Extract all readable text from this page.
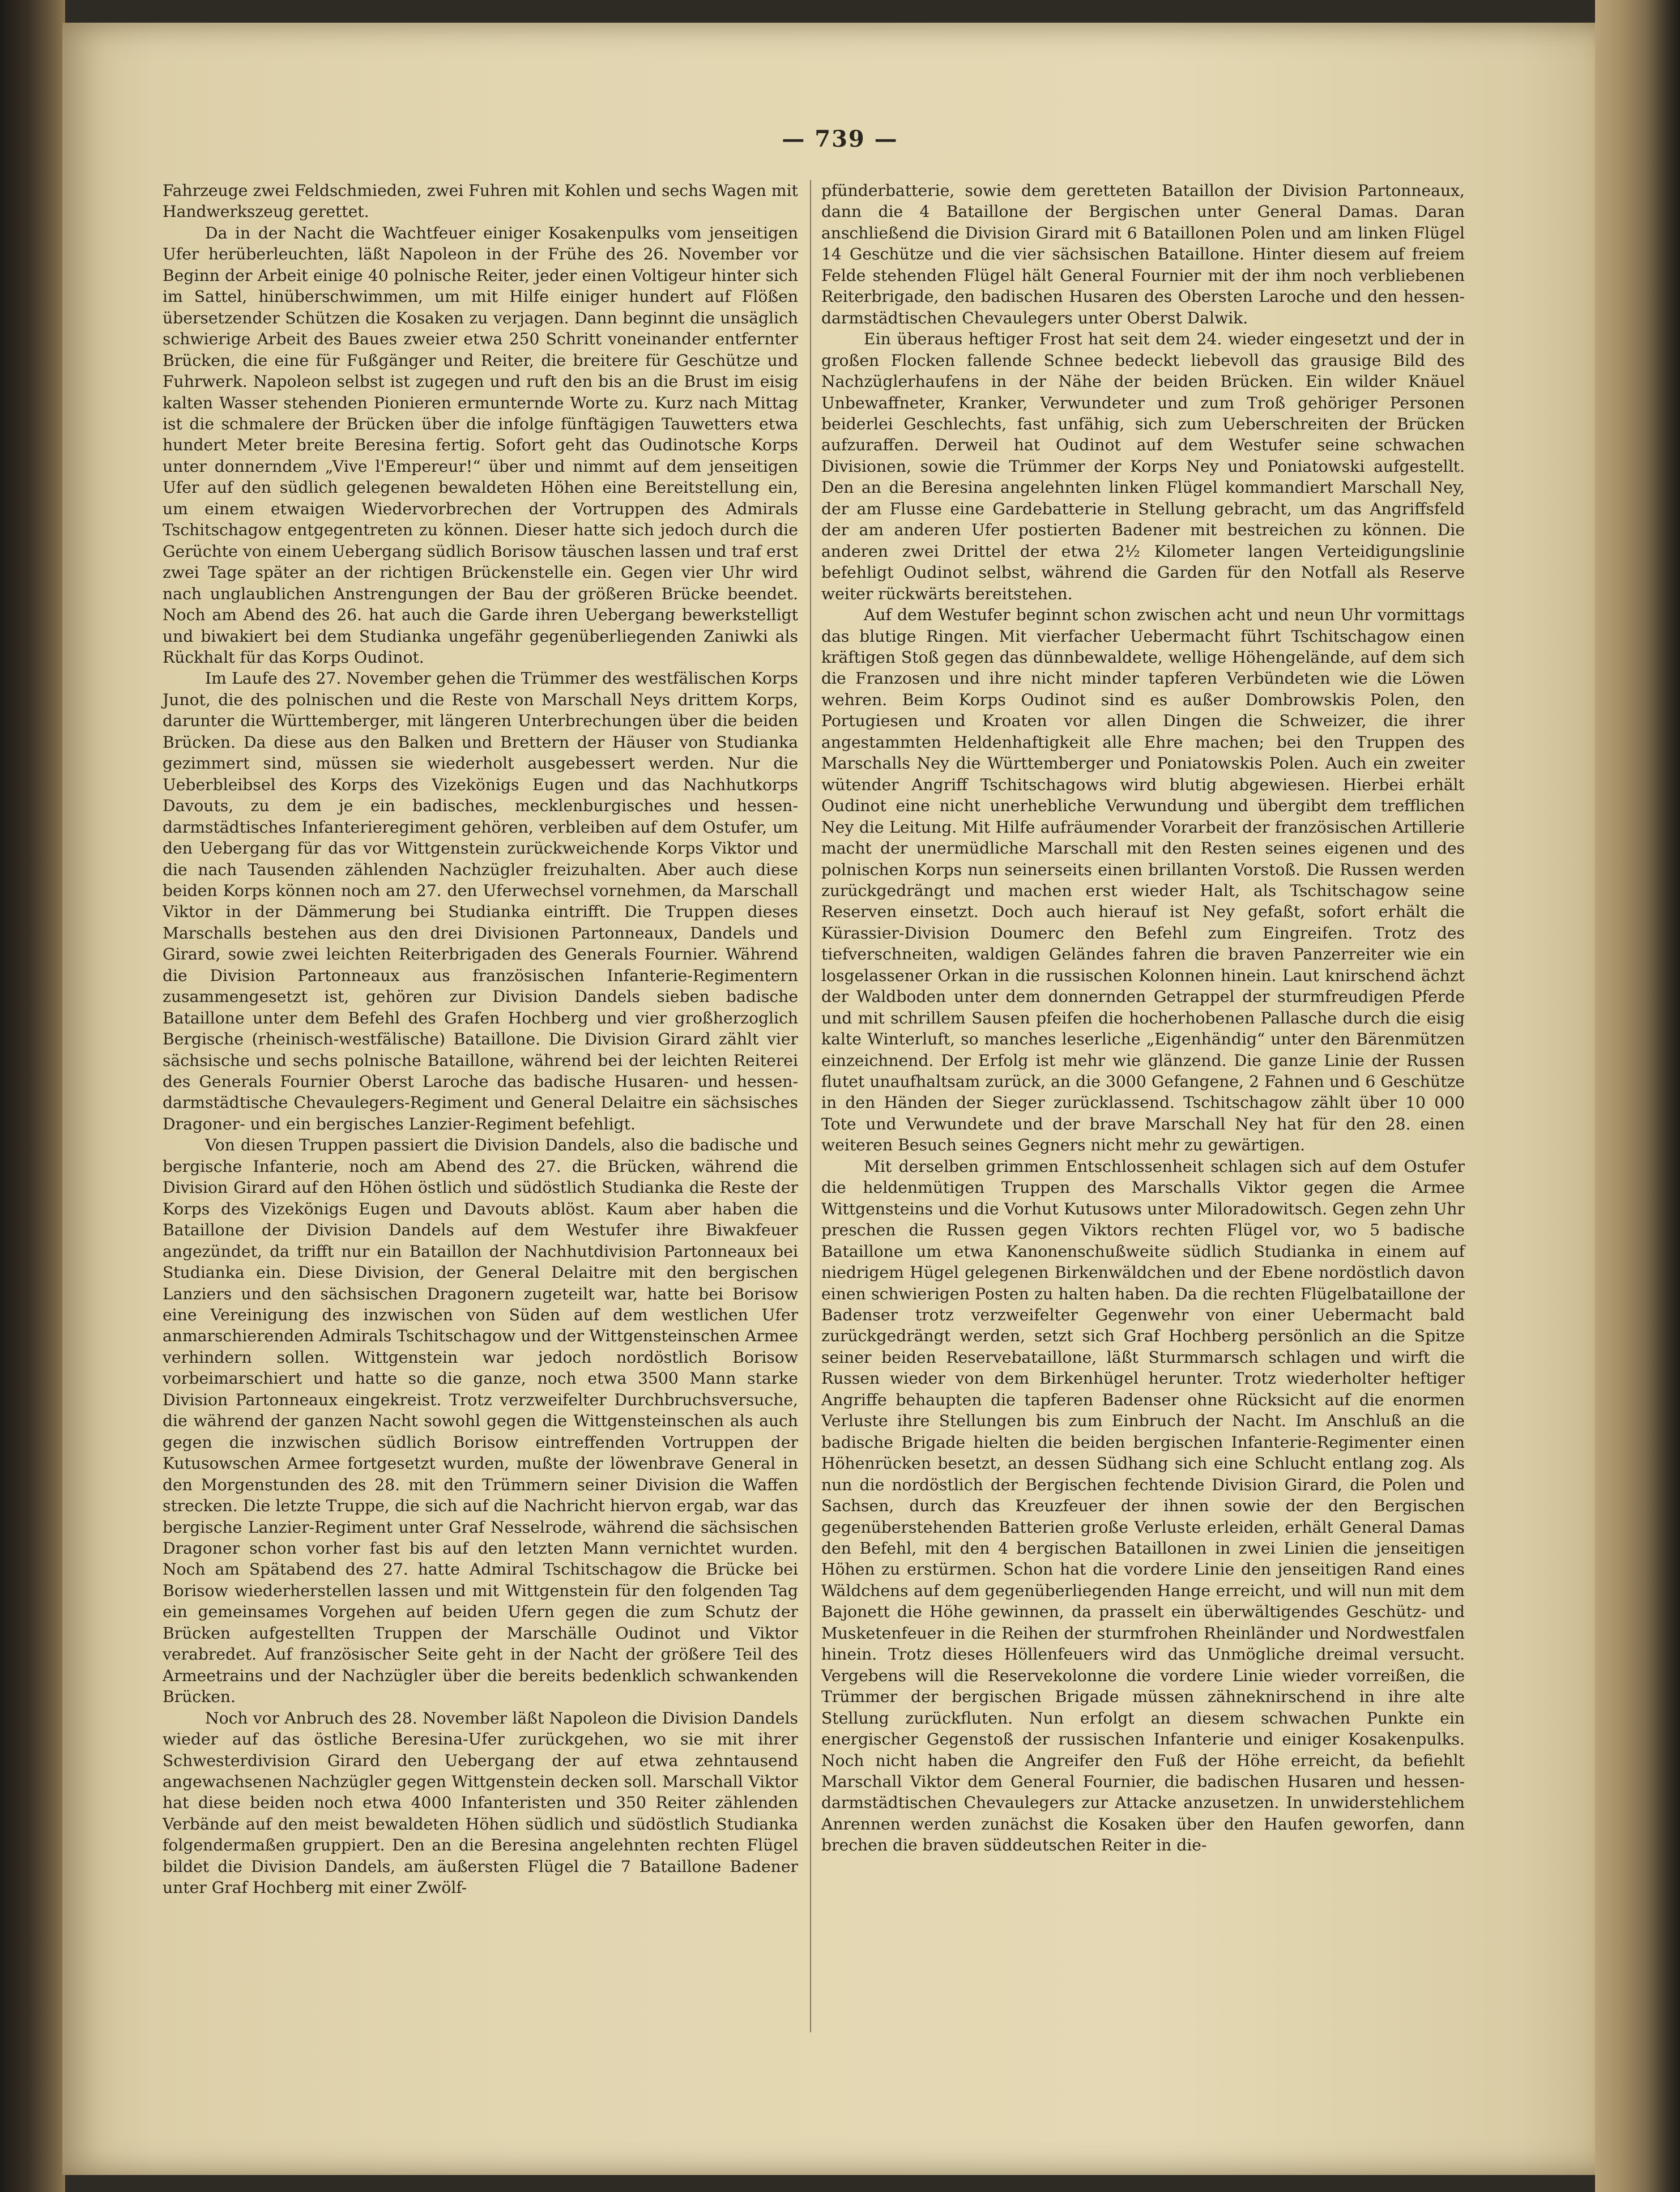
— 739 —

Fahrzeuge zwei Feldschmieden, zwei Fuhren mit Kohlen und sechs Wagen mit Handwerkszeug gerettet.

Da in der Nacht die Wachtfeuer einiger Kosakenpulks vom jenseitigen Ufer herüberleuchten, läßt Napoleon in der Frühe des 26. November vor Beginn der Arbeit einige 40 polnische Reiter, jeder einen Voltigeur hinter sich im Sattel, hinüberschwimmen, um mit Hilfe einiger hundert auf Flößen übersetzender Schützen die Kosaken zu verjagen. Dann beginnt die unsäglich schwierige Arbeit des Baues zweier etwa 250 Schritt voneinander entfernter Brücken, die eine für Fußgänger und Reiter, die breitere für Geschütze und Fuhrwerk. Napoleon selbst ist zugegen und ruft den bis an die Brust im eisig kalten Wasser stehenden Pionieren ermunternde Worte zu. Kurz nach Mittag ist die schmalere der Brücken über die infolge fünftägigen Tauwetters etwa hundert Meter breite Beresina fertig. Sofort geht das Oudinotsche Korps unter donnerndem „Vive l'Empereur!“ über und nimmt auf dem jenseitigen Ufer auf den südlich gelegenen bewaldeten Höhen eine Bereitstellung ein, um einem etwaigen Wiedervorbrechen der Vortruppen des Admirals Tschitschagow entgegentreten zu können. Dieser hatte sich jedoch durch die Gerüchte von einem Uebergang südlich Borisow täuschen lassen und traf erst zwei Tage später an der richtigen Brückenstelle ein. Gegen vier Uhr wird nach unglaublichen Anstrengungen der Bau der größeren Brücke beendet. Noch am Abend des 26. hat auch die Garde ihren Uebergang bewerkstelligt und biwakiert bei dem Studianka ungefähr gegenüberliegenden Zaniwki als Rückhalt für das Korps Oudinot.

Im Laufe des 27. November gehen die Trümmer des westfälischen Korps Junot, die des polnischen und die Reste von Marschall Neys drittem Korps, darunter die Württemberger, mit längeren Unterbrechungen über die beiden Brücken. Da diese aus den Balken und Brettern der Häuser von Studianka gezimmert sind, müssen sie wiederholt ausgebessert werden. Nur die Ueberbleibsel des Korps des Vizekönigs Eugen und das Nachhutkorps Davouts, zu dem je ein badisches, mecklenburgisches und hessen-darmstädtisches Infanterieregiment gehören, verbleiben auf dem Ostufer, um den Uebergang für das vor Wittgenstein zurückweichende Korps Viktor und die nach Tausenden zählenden Nachzügler freizuhalten. Aber auch diese beiden Korps können noch am 27. den Uferwechsel vornehmen, da Marschall Viktor in der Dämmerung bei Studianka eintrifft. Die Truppen dieses Marschalls bestehen aus den drei Divisionen Partonneaux, Dandels und Girard, sowie zwei leichten Reiterbrigaden des Generals Fournier. Während die Division Partonneaux aus französischen Infanterie-Regimentern zusammengesetzt ist, gehören zur Division Dandels sieben badische Bataillone unter dem Befehl des Grafen Hochberg und vier großherzoglich Bergische (rheinisch-westfälische) Bataillone. Die Division Girard zählt vier sächsische und sechs polnische Bataillone, während bei der leichten Reiterei des Generals Fournier Oberst Laroche das badische Husaren- und hessen-darmstädtische Chevaulegers-Regiment und General Delaitre ein sächsisches Dragoner- und ein bergisches Lanzier-Regiment befehligt.

Von diesen Truppen passiert die Division Dandels, also die badische und bergische Infanterie, noch am Abend des 27. die Brücken, während die Division Girard auf den Höhen östlich und südöstlich Studianka die Reste der Korps des Vizekönigs Eugen und Davouts ablöst. Kaum aber haben die Bataillone der Division Dandels auf dem Westufer ihre Biwakfeuer angezündet, da trifft nur ein Bataillon der Nachhutdivision Partonneaux bei Studianka ein. Diese Division, der General Delaitre mit den bergischen Lanziers und den sächsischen Dragonern zugeteilt war, hatte bei Borisow eine Vereinigung des inzwischen von Süden auf dem westlichen Ufer anmarschierenden Admirals Tschitschagow und der Wittgensteinschen Armee verhindern sollen. Wittgenstein war jedoch nordöstlich Borisow vorbeimarschiert und hatte so die ganze, noch etwa 3500 Mann starke Division Partonneaux eingekreist. Trotz verzweifelter Durchbruchsversuche, die während der ganzen Nacht sowohl gegen die Wittgensteinschen als auch gegen die inzwischen südlich Borisow eintreffenden Vortruppen der Kutusowschen Armee fortgesetzt wurden, mußte der löwenbrave General in den Morgenstunden des 28. mit den Trümmern seiner Division die Waffen strecken. Die letzte Truppe, die sich auf die Nachricht hiervon ergab, war das bergische Lanzier-Regiment unter Graf Nesselrode, während die sächsischen Dragoner schon vorher fast bis auf den letzten Mann vernichtet wurden. Noch am Spätabend des 27. hatte Admiral Tschitschagow die Brücke bei Borisow wiederherstellen lassen und mit Wittgenstein für den folgenden Tag ein gemeinsames Vorgehen auf beiden Ufern gegen die zum Schutz der Brücken aufgestellten Truppen der Marschälle Oudinot und Viktor verabredet. Auf französischer Seite geht in der Nacht der größere Teil des Armeetrains und der Nachzügler über die bereits bedenklich schwankenden Brücken.

Noch vor Anbruch des 28. November läßt Napoleon die Division Dandels wieder auf das östliche Beresina-Ufer zurückgehen, wo sie mit ihrer Schwesterdivision Girard den Uebergang der auf etwa zehntausend angewachsenen Nachzügler gegen Wittgenstein decken soll. Marschall Viktor hat diese beiden noch etwa 4000 Infanteristen und 350 Reiter zählenden Verbände auf den meist bewaldeten Höhen südlich und südöstlich Studianka folgendermaßen gruppiert. Den an die Beresina angelehnten rechten Flügel bildet die Division Dandels, am äußersten Flügel die 7 Bataillone Badener unter Graf Hochberg mit einer Zwölf-

pfünderbatterie, sowie dem geretteten Bataillon der Division Partonneaux, dann die 4 Bataillone der Bergischen unter General Damas. Daran anschließend die Division Girard mit 6 Bataillonen Polen und am linken Flügel 14 Geschütze und die vier sächsischen Bataillone. Hinter diesem auf freiem Felde stehenden Flügel hält General Fournier mit der ihm noch verbliebenen Reiterbrigade, den badischen Husaren des Obersten Laroche und den hessen-darmstädtischen Chevaulegers unter Oberst Dalwik.

Ein überaus heftiger Frost hat seit dem 24. wieder eingesetzt und der in großen Flocken fallende Schnee bedeckt liebevoll das grausige Bild des Nachzüglerhaufens in der Nähe der beiden Brücken. Ein wilder Knäuel Unbewaffneter, Kranker, Verwundeter und zum Troß gehöriger Personen beiderlei Geschlechts, fast unfähig, sich zum Ueberschreiten der Brücken aufzuraffen. Derweil hat Oudinot auf dem Westufer seine schwachen Divisionen, sowie die Trümmer der Korps Ney und Poniatowski aufgestellt. Den an die Beresina angelehnten linken Flügel kommandiert Marschall Ney, der am Flusse eine Gardebatterie in Stellung gebracht, um das Angriffsfeld der am anderen Ufer postierten Badener mit bestreichen zu können. Die anderen zwei Drittel der etwa 2½ Kilometer langen Verteidigungslinie befehligt Oudinot selbst, während die Garden für den Notfall als Reserve weiter rückwärts bereitstehen.

Auf dem Westufer beginnt schon zwischen acht und neun Uhr vormittags das blutige Ringen. Mit vierfacher Uebermacht führt Tschitschagow einen kräftigen Stoß gegen das dünnbewaldete, wellige Höhengelände, auf dem sich die Franzosen und ihre nicht minder tapferen Verbündeten wie die Löwen wehren. Beim Korps Oudinot sind es außer Dombrowskis Polen, den Portugiesen und Kroaten vor allen Dingen die Schweizer, die ihrer angestammten Heldenhaftigkeit alle Ehre machen; bei den Truppen des Marschalls Ney die Württemberger und Poniatowskis Polen. Auch ein zweiter wütender Angriff Tschitschagows wird blutig abgewiesen. Hierbei erhält Oudinot eine nicht unerhebliche Verwundung und übergibt dem trefflichen Ney die Leitung. Mit Hilfe aufräumender Vorarbeit der französischen Artillerie macht der unermüdliche Marschall mit den Resten seines eigenen und des polnischen Korps nun seinerseits einen brillanten Vorstoß. Die Russen werden zurückgedrängt und machen erst wieder Halt, als Tschitschagow seine Reserven einsetzt. Doch auch hierauf ist Ney gefaßt, sofort erhält die Kürassier-Division Doumerc den Befehl zum Eingreifen. Trotz des tiefverschneiten, waldigen Geländes fahren die braven Panzerreiter wie ein losgelassener Orkan in die russischen Kolonnen hinein. Laut knirschend ächzt der Waldboden unter dem donnernden Getrappel der sturmfreudigen Pferde und mit schrillem Sausen pfeifen die hocherhobenen Pallasche durch die eisig kalte Winterluft, so manches leserliche „Eigenhändig“ unter den Bärenmützen einzeichnend. Der Erfolg ist mehr wie glänzend. Die ganze Linie der Russen flutet unaufhaltsam zurück, an die 3000 Gefangene, 2 Fahnen und 6 Geschütze in den Händen der Sieger zurücklassend. Tschitschagow zählt über 10 000 Tote und Verwundete und der brave Marschall Ney hat für den 28. einen weiteren Besuch seines Gegners nicht mehr zu gewärtigen.

Mit derselben grimmen Entschlossenheit schlagen sich auf dem Ostufer die heldenmütigen Truppen des Marschalls Viktor gegen die Armee Wittgensteins und die Vorhut Kutusows unter Miloradowitsch. Gegen zehn Uhr preschen die Russen gegen Viktors rechten Flügel vor, wo 5 badische Bataillone um etwa Kanonenschußweite südlich Studianka in einem auf niedrigem Hügel gelegenen Birkenwäldchen und der Ebene nordöstlich davon einen schwierigen Posten zu halten haben. Da die rechten Flügelbataillone der Badenser trotz verzweifelter Gegenwehr von einer Uebermacht bald zurückgedrängt werden, setzt sich Graf Hochberg persönlich an die Spitze seiner beiden Reservebataillone, läßt Sturmmarsch schlagen und wirft die Russen wieder von dem Birkenhügel herunter. Trotz wiederholter heftiger Angriffe behaupten die tapferen Badenser ohne Rücksicht auf die enormen Verluste ihre Stellungen bis zum Einbruch der Nacht. Im Anschluß an die badische Brigade hielten die beiden bergischen Infanterie-Regimenter einen Höhenrücken besetzt, an dessen Südhang sich eine Schlucht entlang zog. Als nun die nordöstlich der Bergischen fechtende Division Girard, die Polen und Sachsen, durch das Kreuzfeuer der ihnen sowie der den Bergischen gegenüberstehenden Batterien große Verluste erleiden, erhält General Damas den Befehl, mit den 4 bergischen Bataillonen in zwei Linien die jenseitigen Höhen zu erstürmen. Schon hat die vordere Linie den jenseitigen Rand eines Wäldchens auf dem gegenüberliegenden Hange erreicht, und will nun mit dem Bajonett die Höhe gewinnen, da prasselt ein überwältigendes Geschütz- und Musketenfeuer in die Reihen der sturmfrohen Rheinländer und Nordwestfalen hinein. Trotz dieses Höllenfeuers wird das Unmögliche dreimal versucht. Vergebens will die Reservekolonne die vordere Linie wieder vorreißen, die Trümmer der bergischen Brigade müssen zähneknirschend in ihre alte Stellung zurückfluten. Nun erfolgt an diesem schwachen Punkte ein energischer Gegenstoß der russischen Infanterie und einiger Kosakenpulks. Noch nicht haben die Angreifer den Fuß der Höhe erreicht, da befiehlt Marschall Viktor dem General Fournier, die badischen Husaren und hessen-darmstädtischen Chevaulegers zur Attacke anzusetzen. In unwiderstehlichem Anrennen werden zunächst die Kosaken über den Haufen geworfen, dann brechen die braven süddeutschen Reiter in die-
